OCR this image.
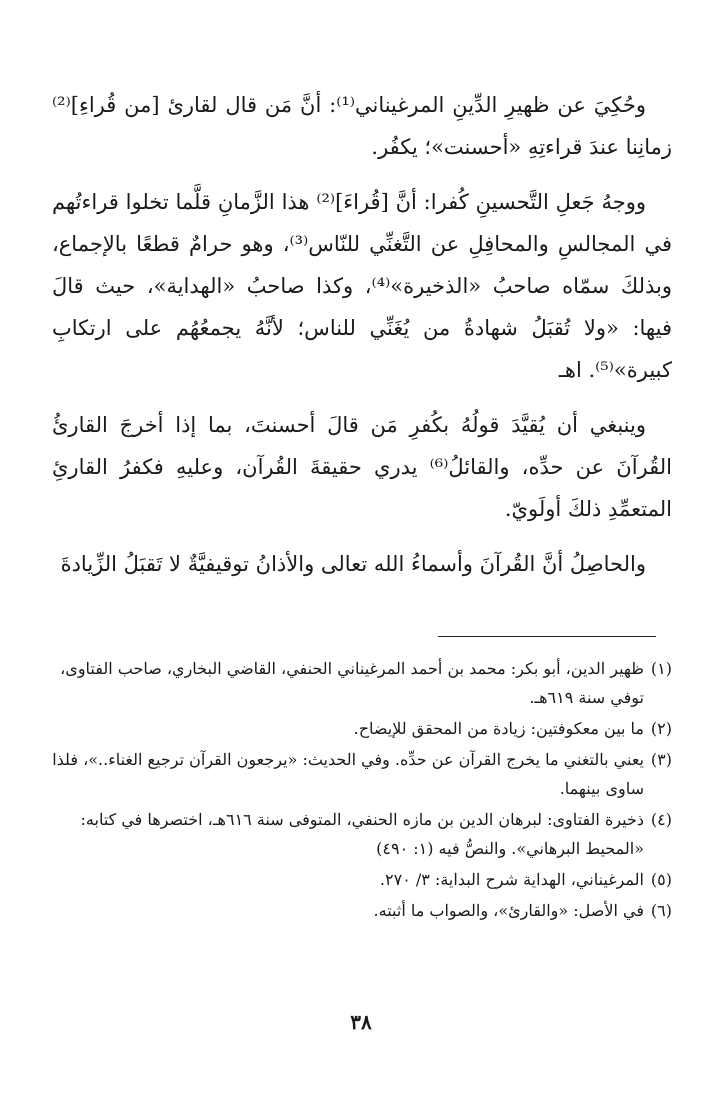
وحُكِيَ عن ظهيرِ الدِّينِ المرغيناني⁽¹⁾: أنَّ مَن قال لقارئ [من قُراءِ]⁽²⁾ زمانِنا عندَ قراءتِهِ «أحسنت»؛ يكفُر.

ووجهُ جَعلِ التَّحسينِ كُفرا: أنَّ [قُراءَ]⁽²⁾ هذا الزَّمانِ قلَّما تخلوا قراءتُهم في المجالسِ والمحافِلِ عن التَّغنِّي للنّاس⁽³⁾، وهو حرامٌ قطعًا بالإجماع، وبذلكَ سمّاه صاحبُ «الذخيرة»⁽⁴⁾، وكذا صاحبُ «الهداية»، حيث قالَ فيها: «ولا تُقبَلُ شهادةُ من يُغَنِّي للناس؛ لأنَّهُ يجمعُهُم على ارتكابِ كبيرة»⁽⁵⁾. اهـ

وينبغي أن يُقيَّدَ قولُهُ بكُفرِ مَن قالَ أحسنتَ، بما إذا أخرجَ القارئُ القُرآنَ عن حدِّه، والقائلُ⁽⁶⁾ يدري حقيقةَ القُرآن، وعليهِ فكفرُ القارئِ المتعمِّدِ ذلكَ أولَويّ.

والحاصِلُ أنَّ القُرآنَ وأسماءُ الله تعالى والأذانُ توقيفيَّةٌ لا تَقبَلُ الزِّيادةَ

(١)
ظهير الدين، أبو بكر: محمد بن أحمد المرغيناني الحنفي، القاضي البخاري، صاحب الفتاوى، توفي سنة ٦١٩هـ.
(٢)
ما بين معكوفتين: زيادة من المحقق للإيضاح.
(٣)
يعني بالتغني ما يخرج القرآن عن حدِّه. وفي الحديث: «يرجعون القرآن ترجيع الغناء..»، فلذا ساوى بينهما.
(٤)
ذخيرة الفتاوى: لبرهان الدين بن مازه الحنفي، المتوفى سنة ٦١٦هـ، اختصرها في كتابه: «المحيط البرهاني». والنصُّ فيه (١: ٤٩٠)
(٥)
المرغيناني، الهداية شرح البداية: ٣/ ٢٧٠.
(٦)
في الأصل: «والقارئ»، والصواب ما أثبته.
٣٨
